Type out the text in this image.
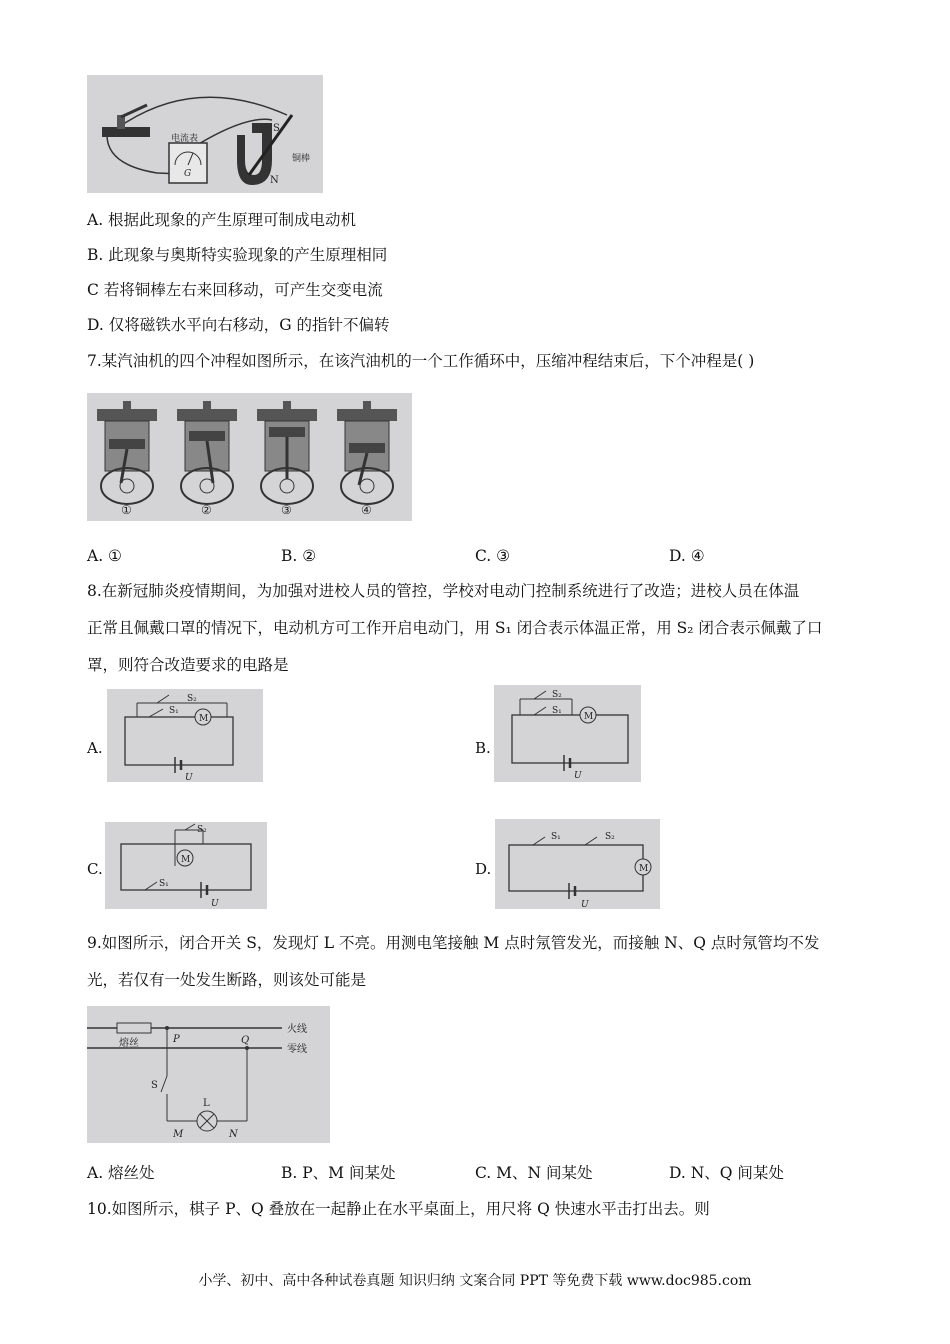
电流表
G
S
N
铜棒
A. 根据此现象的产生原理可制成电动机
B. 此现象与奥斯特实验现象的产生原理相同
C 若将铜棒左右来回移动，可产生交变电流
D. 仅将磁铁水平向右移动，G 的指针不偏转
7.某汽油机的四个冲程如图所示，在该汽油机的一个工作循环中，压缩冲程结束后，下个冲程是( )
①	②	③	④
A. ①	B. ②	C. ③	D. ④
8.在新冠肺炎疫情期间，为加强对进校人员的管控，学校对电动门控制系统进行了改造；进校人员在体温
正常且佩戴口罩的情况下，电动机方可工作开启电动门，用 S₁ 闭合表示体温正常，用 S₂ 闭合表示佩戴了口
罩，则符合改造要求的电路是
A.
M
S₂
S₁
U
B.
M
S₂
S₁
U
C.	M
S₂
S₁
U
D.
S₁	S₂
M
U
9.如图所示，闭合开关 S，发现灯 L 不亮。用测电笔接触 M 点时氖管发光，而接触 N、Q 点时氖管均不发
光，若仅有一处发生断路，则该处可能是
熔丝
火线
零线
P
S
Q
L
M	N
A. 熔丝处	B. P、M 间某处	C. M、N 间某处	D. N、Q 间某处
10.如图所示，棋子 P、Q 叠放在一起静止在水平桌面上，用尺将 Q 快速水平击打出去。则
小学、初中、高中各种试卷真题 知识归纳 文案合同 PPT 等免费下载 www.doc985.com
